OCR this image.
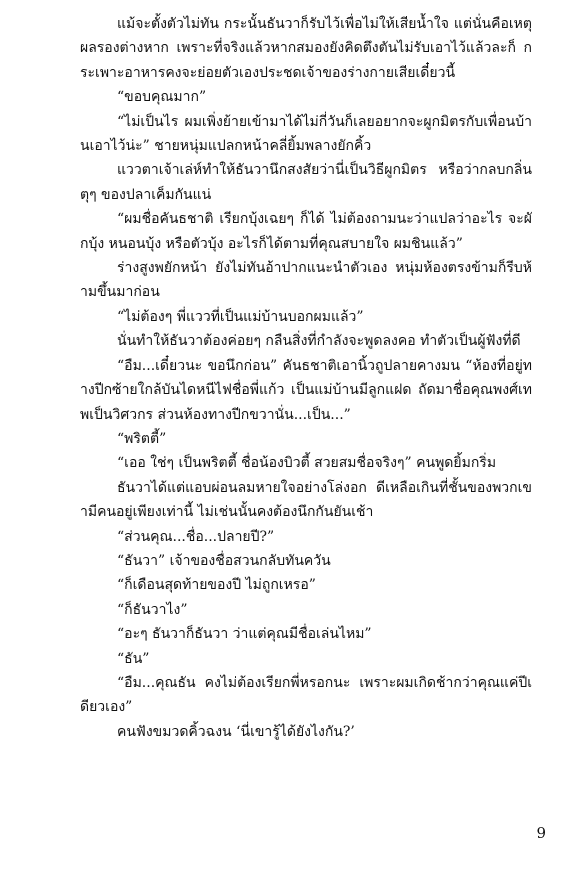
แม้จะตั้งตัวไม่ทัน กระนั้นธันวาก็รับไว้เพื่อไม่ให้เสียน้ำใจ แต่นั่นคือเหตุผลรองต่างหาก เพราะที่จริงแล้วหากสมองยังคิดตึงตันไม่รับเอาไว้แล้วละก็ กระเพาะอาหารคงจะย่อยตัวเองประชดเจ้าของร่างกายเสียเดี๋ยวนี้

“ขอบคุณมาก”

“ไม่เป็นไร ผมเพิ่งย้ายเข้ามาได้ไม่กี่วันก็เลยอยากจะผูกมิตรกับเพื่อนบ้านเอาไว้น่ะ” ชายหนุ่มแปลกหน้าคลี่ยิ้มพลางยักคิ้ว

แววตาเจ้าเล่ห์ทำให้ธันวานึกสงสัยว่านี่เป็นวิธีผูกมิตร หรือว่ากลบกลิ่นตุๆ ของปลาเค็มกันแน่

“ผมชื่อคันธชาติ เรียกบุ้งเฉยๆ ก็ได้ ไม่ต้องถามนะว่าแปลว่าอะไร จะผักบุ้ง หนอนบุ้ง หรือตัวบุ้ง อะไรก็ได้ตามที่คุณสบายใจ ผมชินแล้ว”

ร่างสูงพยักหน้า ยังไม่ทันอ้าปากแนะนำตัวเอง หนุ่มห้องตรงข้ามก็รีบห้ามขึ้นมาก่อน

“ไม่ต้องๆ พี่แววที่เป็นแม่บ้านบอกผมแล้ว”

นั่นทำให้ธันวาต้องค่อยๆ กลืนสิ่งที่กำลังจะพูดลงคอ ทำตัวเป็นผู้ฟังที่ดี

“อืม...เดี๋ยวนะ ขอนึกก่อน” คันธชาติเอานิ้วถูปลายคางมน “ห้องที่อยู่ทางปีกซ้ายใกล้บันไดหนีไฟชื่อพี่แก้ว เป็นแม่บ้านมีลูกแฝด ถัดมาชื่อคุณพงศ์เทพเป็นวิศวกร ส่วนห้องทางปีกขวานั่น...เป็น...”

“พริตตี้”

“เออ ใช่ๆ เป็นพริตตี้ ชื่อน้องบิวตี้ สวยสมชื่อจริงๆ” คนพูดยิ้มกริ่ม

ธันวาได้แต่แอบผ่อนลมหายใจอย่างโล่งอก ดีเหลือเกินที่ชั้นของพวกเขามีคนอยู่เพียงเท่านี้ ไม่เช่นนั้นคงต้องนึกกันยันเช้า

“ส่วนคุณ...ชื่อ...ปลายปี?”

“ธันวา” เจ้าของชื่อสวนกลับทันควัน

“ก็เดือนสุดท้ายของปี ไม่ถูกเหรอ”

“ก็ธันวาไง”

“อะๆ ธันวาก็ธันวา ว่าแต่คุณมีชื่อเล่นไหม”

“ธัน”

“อืม...คุณธัน คงไม่ต้องเรียกพี่หรอกนะ เพราะผมเกิดช้ากว่าคุณแค่ปีเดียวเอง”

คนฟังขมวดคิ้วฉงน ‘นี่เขารู้ได้ยังไงกัน?’

9
